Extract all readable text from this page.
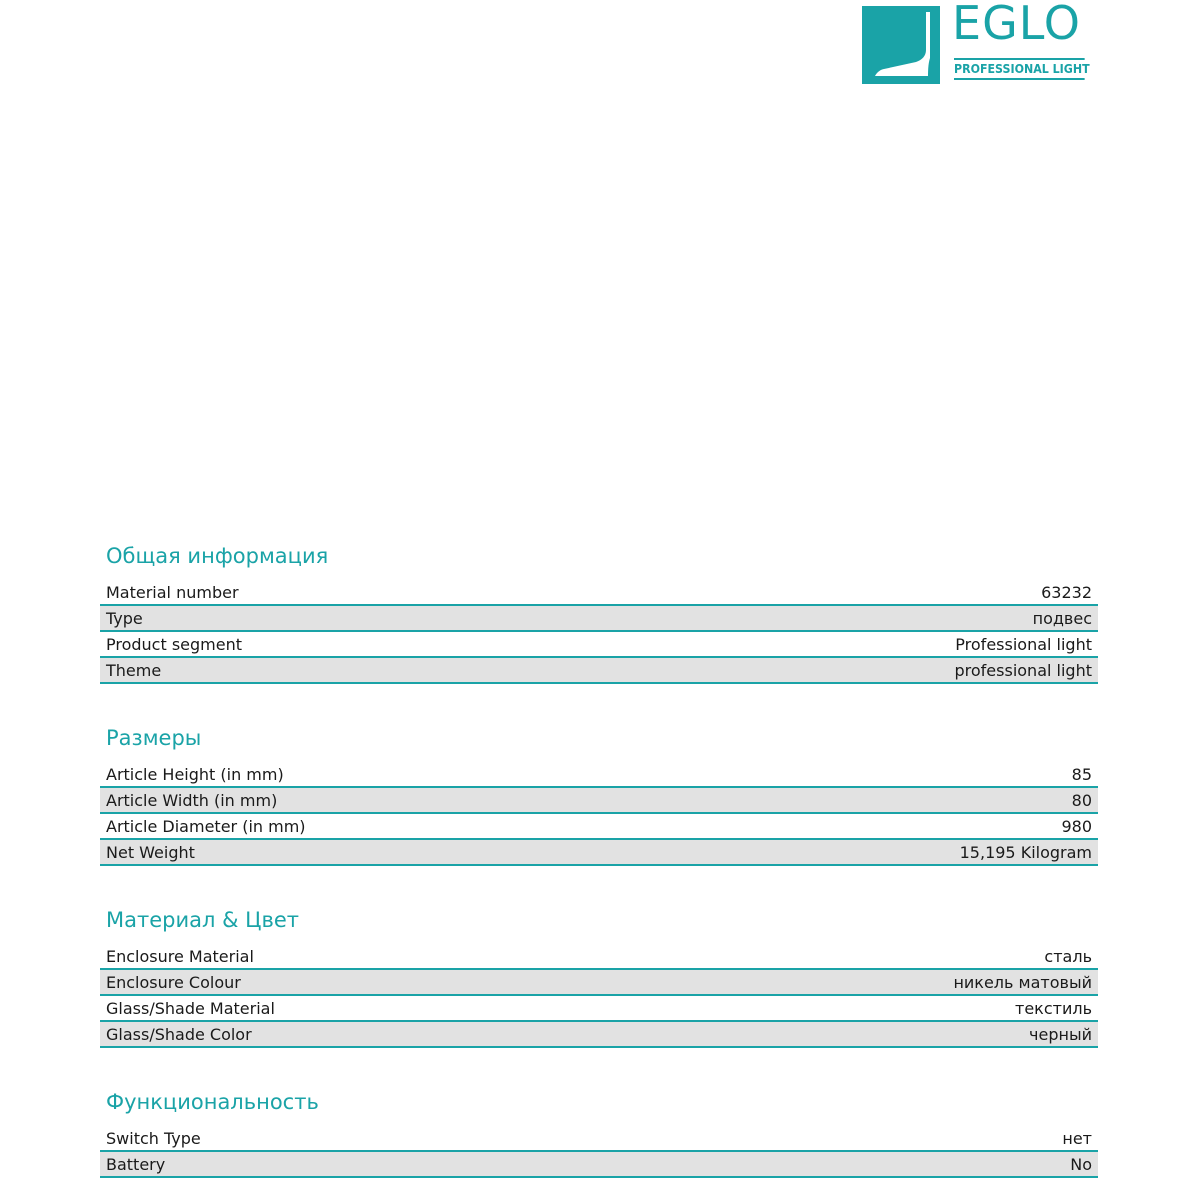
EGLO
PROFESSIONAL LIGHT
Общая информация
Material number	63232
Type	подвес
Product segment	Professional light
Theme	professional light
Размеры
Article Height (in mm)	85
Article Width (in mm)	80
Article Diameter (in mm)	980
Net Weight	15,195 Kilogram
Материал & Цвет
Enclosure Material	сталь
Enclosure Colour	никель матовый
Glass/Shade Material	текстиль
Glass/Shade Color	черный
Функциональность
Switch Type	нет
Battery	No
